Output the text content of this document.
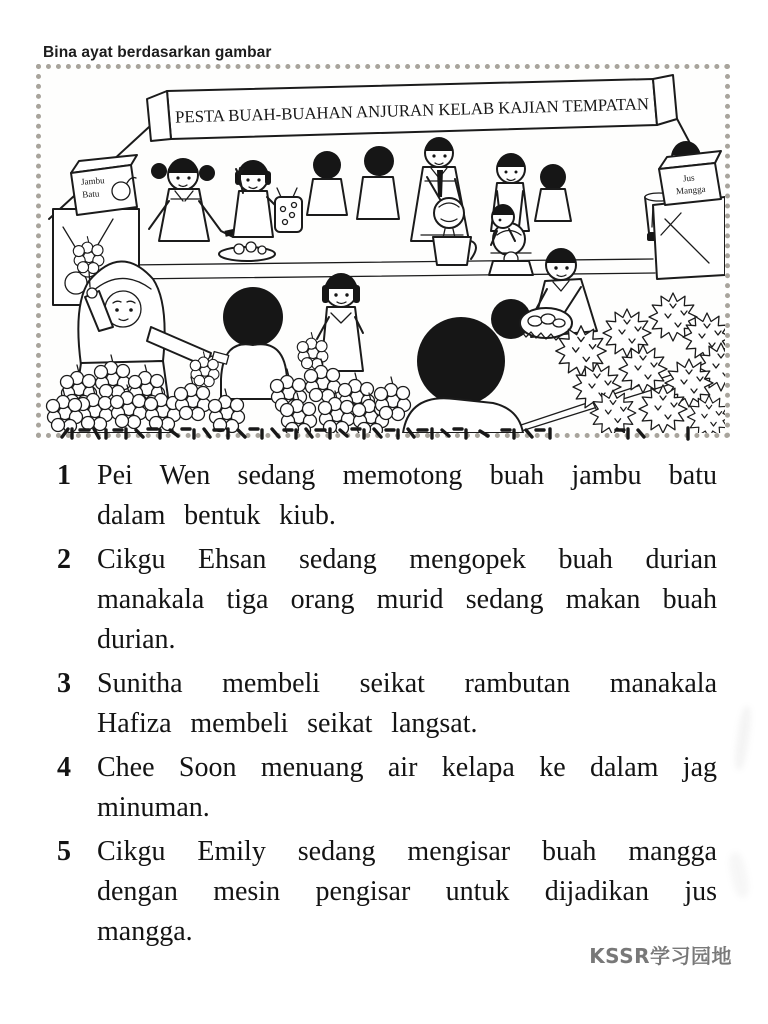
Bina ayat berdasarkan gambar
PESTA BUAH-BUAHAN ANJURAN KELAB KAJIAN TEMPATAN
Jambu
Batu
Jus
Mangga
1 Pei Wen sedang memotong buah jambu batu dalam bentuk kiub.
2 Cikgu Ehsan sedang mengopek buah durian manakala tiga orang murid sedang makan buah durian.
3 Sunitha membeli seikat rambutan manakala Hafiza membeli seikat langsat.
4 Chee Soon menuang air kelapa ke dalam jag minuman.
5 Cikgu Emily sedang mengisar buah mangga dengan mesin pengisar untuk dijadikan jus mangga.
KSSR学习园地
